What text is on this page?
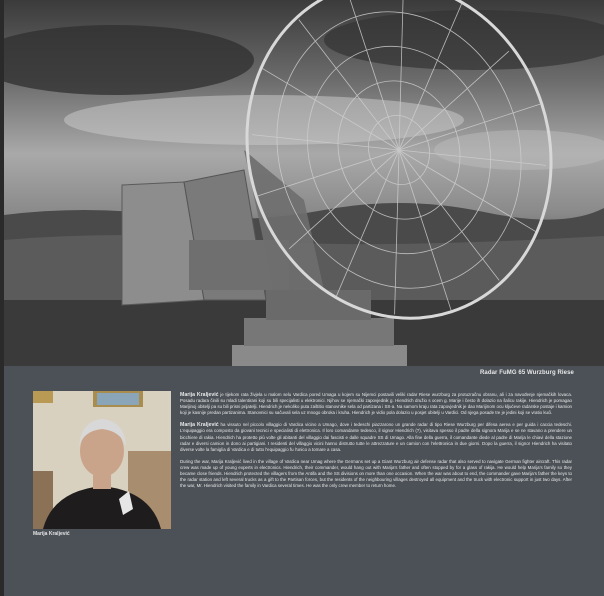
Radar FuMG 65 Wurzburg Riese
Marija Kraljević

Marija Kraljević je tijekom rata živjela u malom selu Vardica pored Umaga u kojem su Nijemci postavili veliki radar Riese wurzburg za protuzračnu obranu, ali i za navođenje njemačkih lovaca. Posadu radara činili su mladi talentirani koji su bili specijalisti u elektronici. Njihov se njemački zapovjednik g. Hiendrich družio s ocem g. Marije i često ih dolazio na šalicu rakije. Hiendrich je pomagao Marijinoj obitelji pa su bili prisni prijatelji. Hiendrich je nekoliko puta zaštitio stanovnike sela od partizana i SS-a. Na samom kraju rata zapovjednik je dao Marijinom ocu kljućeve radarske postaje i kamion koji je kasnije predan partizanima. Stanovnici su sačuvali sela uz mnogo obroka i kruha. Hiendrich je vidio pola dolazio u posjet obitelji u Vardici. Od njega posade tre je jedini koji se vratio kući.

Marija Kraljević ha vissuto nel piccolo villaggio di Vardica vicino a Umago, dove i tedeschi piazzarono un grande radar di tipo Riese Wurzburg per difesa aerea e per guida i caccia tedeschi. L'equipaggio era composto da giovani tecnici e specialisti di elettronica. Il loro comandante tedesco, il signor Hiendrich (?), visitava spesso il padre della signora Marija e se ne stavano a prendere un bicchiere di rakia. Hiendrich ha protetto più volte gli abitanti del villaggio dai fascisti e dalle squadre SS di Umago. Alla fine della guerra, il comandante diede al padre di Marija le chiavi della stazione radar e diversi camion in dono ai partigiani. I residenti del villaggio vicini hanno distrutto tutte le attrezzature e un camion con l'elettronica in due giorni. Dopo la guerra, il signor Hiendrich ha visitato diverse volte la famiglia di Vardica e di tutto l'equipaggio fu l'unico a tornare a casa.

During the war, Marija Kraljević lived in the village of Vardica near Umag where the Germans set up a Giant Wurzburg air defense radar that also served to navigate German fighter aircraft. This radar crew was made up of young experts in electronics. Hiendrich, their commander, would hang out with Marija's father and often stopped by for a glass of rakija. He would help Marija's family so they became close friends. Hiendrich protected the villagers from the Antifa and the SS divisions on more than one occasion. When the war was about to end, the commander gave Marija's father the keys to the radar station and left several trucks as a gift to the Partisan forces, but the residents of the neighbouring villages destroyed all equipment and the truck with electronic support in just two days. After the war, Mr. Hiendrich visited the family in Vardica several times. He was the only crew member to return home.
